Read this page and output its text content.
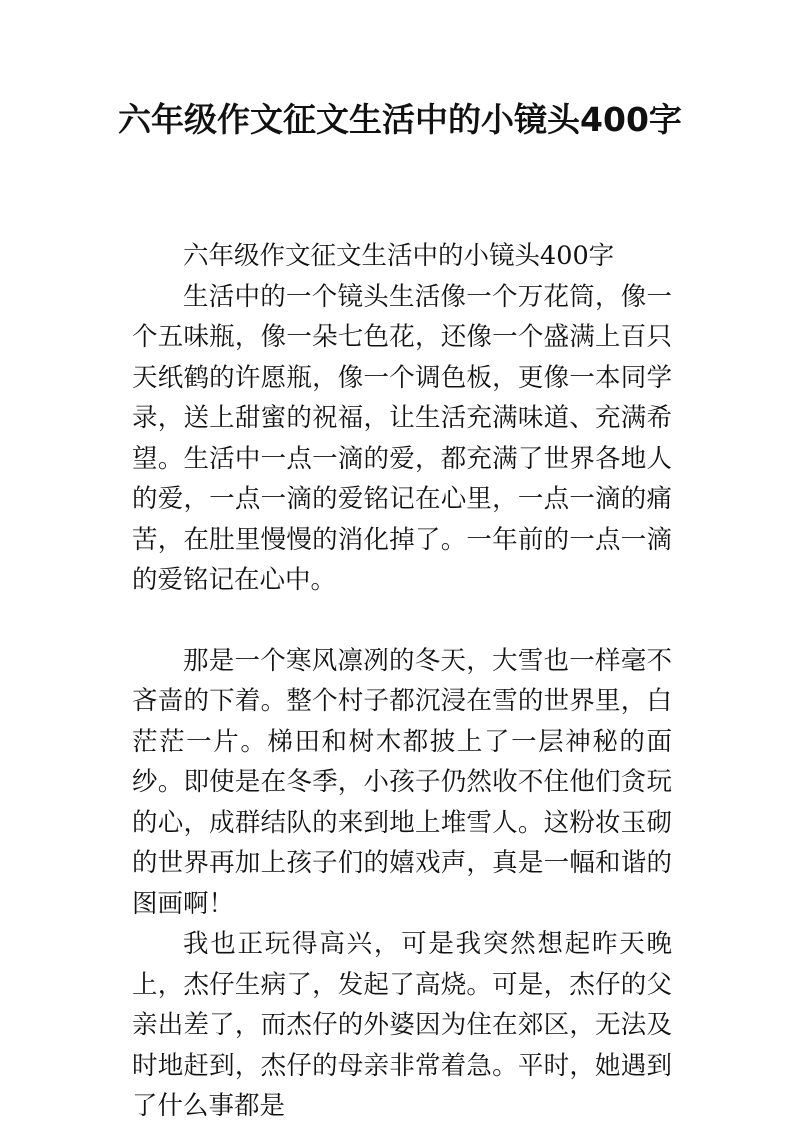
六年级作文征文生活中的小镜头400字

六年级作文征文生活中的小镜头400字

生活中的一个镜头生活像一个万花筒，像一个五味瓶，像一朵七色花，还像一个盛满上百只天纸鹤的许愿瓶，像一个调色板，更像一本同学录，送上甜蜜的祝福，让生活充满味道、充满希望。生活中一点一滴的爱，都充满了世界各地人的爱，一点一滴的爱铭记在心里，一点一滴的痛苦，在肚里慢慢的消化掉了。一年前的一点一滴的爱铭记在心中。

那是一个寒风凛冽的冬天，大雪也一样毫不吝啬的下着。整个村子都沉浸在雪的世界里，白茫茫一片。梯田和树木都披上了一层神秘的面纱。即使是在冬季，小孩子仍然收不住他们贪玩的心，成群结队的来到地上堆雪人。这粉妆玉砌的世界再加上孩子们的嬉戏声，真是一幅和谐的图画啊！

我也正玩得高兴，可是我突然想起昨天晚上，杰仔生病了，发起了高烧。可是，杰仔的父亲出差了，而杰仔的外婆因为住在郊区，无法及时地赶到，杰仔的母亲非常着急。平时，她遇到了什么事都是
